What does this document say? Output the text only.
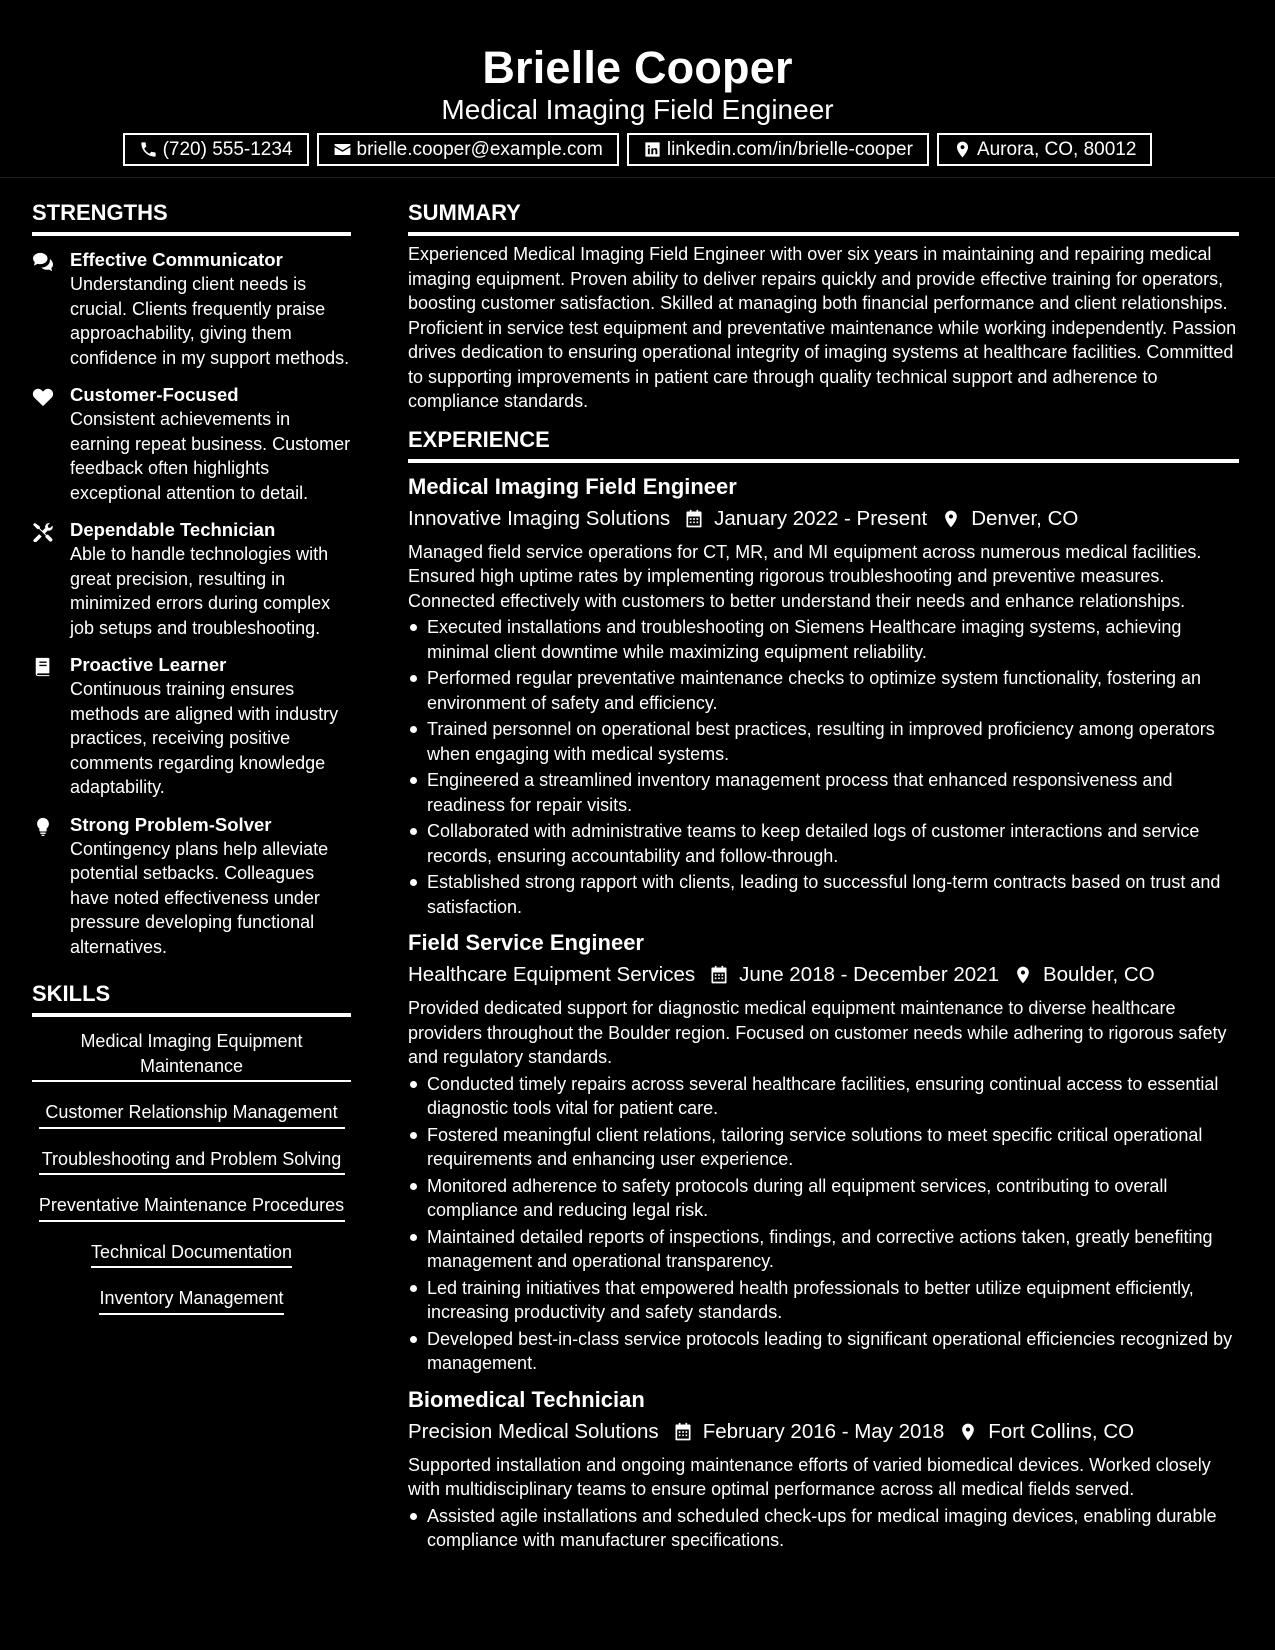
Brielle Cooper
Medical Imaging Field Engineer
(720) 555-1234	brielle.cooper@example.com	linkedin.com/in/brielle-cooper	Aurora, CO, 80012
STRENGTHS
Effective Communicator
Understanding client needs is crucial. Clients frequently praise approachability, giving them confidence in my support methods.
Customer-Focused
Consistent achievements in earning repeat business. Customer feedback often highlights exceptional attention to detail.
Dependable Technician
Able to handle technologies with great precision, resulting in minimized errors during complex job setups and troubleshooting.
Proactive Learner
Continuous training ensures methods are aligned with industry practices, receiving positive comments regarding knowledge adaptability.
Strong Problem-Solver
Contingency plans help alleviate potential setbacks. Colleagues have noted effectiveness under pressure developing functional alternatives.
SKILLS
Medical Imaging Equipment Maintenance
Customer Relationship Management
Troubleshooting and Problem Solving
Preventative Maintenance Procedures
Technical Documentation
Inventory Management
SUMMARY
Experienced Medical Imaging Field Engineer with over six years in maintaining and repairing medical imaging equipment. Proven ability to deliver repairs quickly and provide effective training for operators, boosting customer satisfaction. Skilled at managing both financial performance and client relationships. Proficient in service test equipment and preventative maintenance while working independently. Passion drives dedication to ensuring operational integrity of imaging systems at healthcare facilities. Committed to supporting improvements in patient care through quality technical support and adherence to compliance standards.
EXPERIENCE
Medical Imaging Field Engineer
Innovative Imaging Solutions January 2022 - Present Denver, CO
Managed field service operations for CT, MR, and MI equipment across numerous medical facilities. Ensured high uptime rates by implementing rigorous troubleshooting and preventive measures. Connected effectively with customers to better understand their needs and enhance relationships.
Executed installations and troubleshooting on Siemens Healthcare imaging systems, achieving minimal client downtime while maximizing equipment reliability.
Performed regular preventative maintenance checks to optimize system functionality, fostering an environment of safety and efficiency.
Trained personnel on operational best practices, resulting in improved proficiency among operators when engaging with medical systems.
Engineered a streamlined inventory management process that enhanced responsiveness and readiness for repair visits.
Collaborated with administrative teams to keep detailed logs of customer interactions and service records, ensuring accountability and follow-through.
Established strong rapport with clients, leading to successful long-term contracts based on trust and satisfaction.
Field Service Engineer
Healthcare Equipment Services June 2018 - December 2021 Boulder, CO
Provided dedicated support for diagnostic medical equipment maintenance to diverse healthcare providers throughout the Boulder region. Focused on customer needs while adhering to rigorous safety and regulatory standards.
Conducted timely repairs across several healthcare facilities, ensuring continual access to essential diagnostic tools vital for patient care.
Fostered meaningful client relations, tailoring service solutions to meet specific critical operational requirements and enhancing user experience.
Monitored adherence to safety protocols during all equipment services, contributing to overall compliance and reducing legal risk.
Maintained detailed reports of inspections, findings, and corrective actions taken, greatly benefiting management and operational transparency.
Led training initiatives that empowered health professionals to better utilize equipment efficiently, increasing productivity and safety standards.
Developed best-in-class service protocols leading to significant operational efficiencies recognized by management.
Biomedical Technician
Precision Medical Solutions February 2016 - May 2018 Fort Collins, CO
Supported installation and ongoing maintenance efforts of varied biomedical devices. Worked closely with multidisciplinary teams to ensure optimal performance across all medical fields served.
Assisted agile installations and scheduled check-ups for medical imaging devices, enabling durable compliance with manufacturer specifications.
